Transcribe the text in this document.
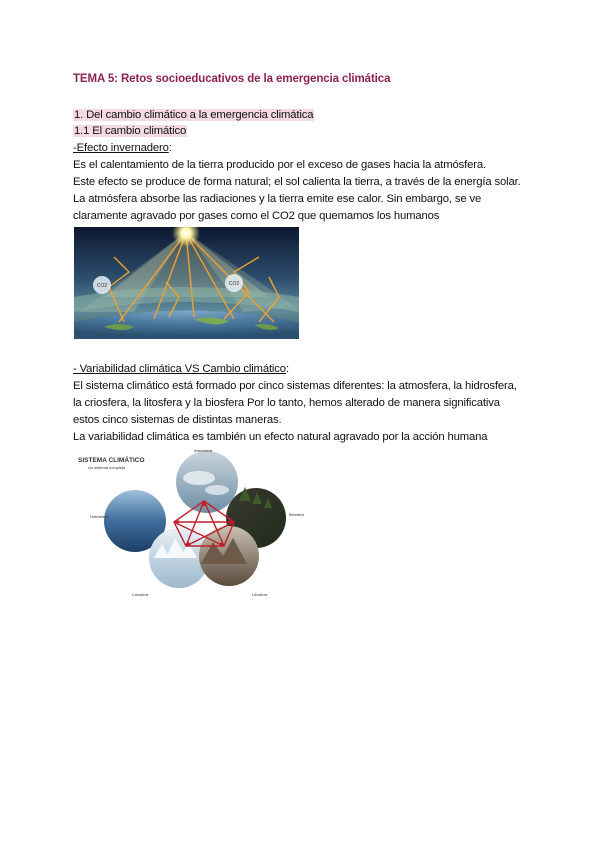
TEMA 5: Retos socioeducativos de la emergencia climática
1. Del cambio climático a la emergencia climática
1.1 El cambio climático
-Efecto invernadero:
Es el calentamiento de la tierra producido por el exceso de gases hacia la atmósfera.
Este efecto se produce de forma natural; el sol calienta la tierra, a través de la energía solar.
La atmósfera absorbe las radiaciones y la tierra emite ese calor. Sin embargo, se ve
claramente agravado por gases como el CO2 que quemamos los humanos
CO2	CO2
- Variabilidad climática VS Cambio climático:
El sistema climático está formado por cinco sistemas diferentes: la atmosfera, la hidrosfera,
la criosfera, la litosfera y la biosfera Por lo tanto, hemos alterado de manera significativa
estos cinco sistemas de distintas maneras.
La variabilidad climática es también un efecto natural agravado por la acción humana
SISTEMA CLIMÁTICO
Un sistema complejo
Atmósfera
Hidrósfera	Biosfera
Criosfera	Litosfera
